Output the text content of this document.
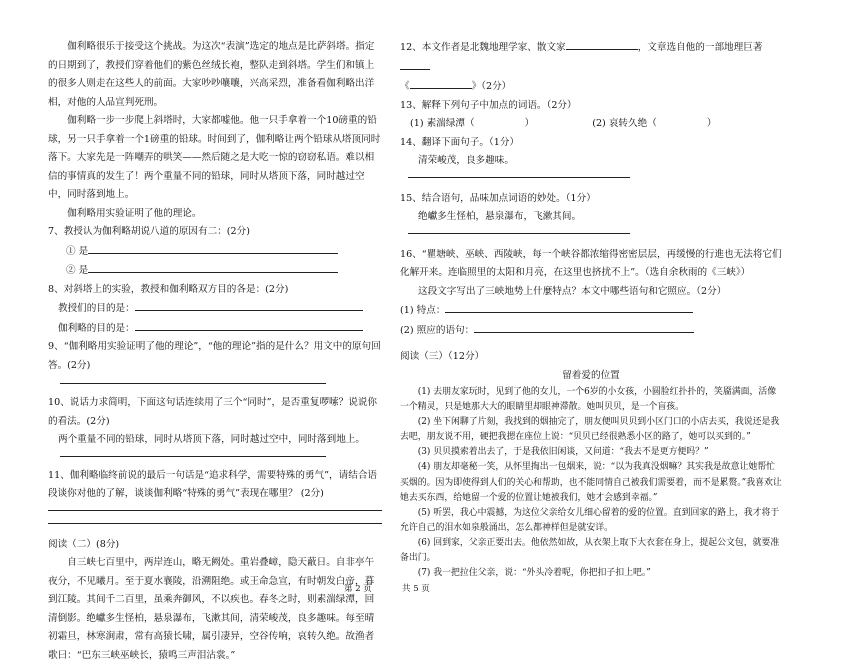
伽利略很乐于接受这个挑战。为这次“表演”选定的地点是比萨斜塔。指定的日期到了，教授们穿着他们的紫色丝绒长袍，整队走到斜塔。学生们和镇上的很多人则走在这些人的前面。大家吵吵嚷嚷，兴高采烈，准备看伽利略出洋相，对他的人品宣判死刑。

伽利略一步一步爬上斜塔时，大家都嘘他。他一只手拿着一个10磅重的铅球，另一只手拿着一个1磅重的铅球。时间到了，伽利略让两个铅球从塔顶同时落下。大家先是一阵嘲弄的哄笑——然后随之是大吃一惊的窃窃私语。难以相信的事情真的发生了！两个重量不同的铅球，同时从塔顶下落，同时越过空中，同时落到地上。

伽利略用实验证明了他的理论。

7、教授认为伽利略胡说八道的原因有二：(2分)

① 是

② 是

8、对斜塔上的实验，教授和伽利略双方目的各是：(2分)

教授们的目的是：

伽利略的目的是：

9、“伽利略用实验证明了他的理论”，“他的理论”指的是什么？用文中的原句回答。(2分)

10、说话力求简明，下面这句话连续用了三个“同时”，是否重复啰嗦？说说你的看法。(2分)

两个重量不同的铅球，同时从塔顶下落，同时越过空中，同时落到地上。

11、伽利略临终前说的最后一句话是“追求科学，需要特殊的勇气”，请结合语段谈你对他的了解，谈谈伽利略“特殊的勇气”表现在哪里？ (2分)

阅读（二）(8分)

自三峡七百里中，两岸连山，略无阙处。重岩叠嶂，隐天蔽日。自非亭午夜分，不见曦月。至于夏水襄陵，沿溯阻绝。或王命急宣，有时朝发白帝，暮到江陵。其间千二百里，虽乘奔御风，不以疾也。春冬之时，则素湍绿潭，回清倒影。绝巘多生怪柏，悬泉瀑布，飞漱其间，清荣峻茂，良多趣味。每至晴初霜旦，林寒涧肃，常有高猿长啸，属引凄异，空谷传响，哀转久绝。故渔者歌曰：“巴东三峡巫峡长，猿鸣三声泪沾裳。”

12、本文作者是北魏地理学家、散文家	，文章选自他的一部地理巨著

《	》（2分）

13、解释下列句子中加点的词语。（2分）

(1) 素湍绿潭（	）	(2) 哀转久绝（	）

14、翻译下面句子。（1分）

清荣峻茂，良多趣味。

15、结合语句，品味加点词语的妙处。（1分）

绝巘多生怪柏，悬泉瀑布，飞漱其间。

16、“瞿塘峡、巫峡、西陵峡，每一个峡谷都浓缩得密密层层，再缓慢的行進也无法将它们化解开来。连临照里的太阳和月亮，在这里也挤扰不上”。（选自余秋雨的《三峡》）

这段文字写出了三峡地势上什麼特点？本文中哪些语句和它照应。（2分）

(1) 特点：

(2) 照应的语句：

阅读（三）（12分）

留着爱的位置

(1) 去朋友家玩时，见到了他的女儿，一个6岁的小女孩，小圆脸红扑扑的，笑靥满面，活像一个精灵，只是她那大大的眼睛里却眼神滞散。她叫贝贝，是一个盲孩。

(2) 坐下闲聊了片刻，我找到的烟抽完了，朋友便叫贝贝到小区门口的小店去买，我说还是我去吧，朋友说不用，硬把我摁在座位上说：“贝贝已经很熟悉小区的路了，她可以买到的。”

(3) 贝贝摸索着出去了，于是我依旧闲谈，又问道：“我去不是更方便吗？”

(4) 朋友却毫秘一笑，从怀里掏出一包烟来，说：“以为我真没烟嘛？其实我是故意让她帮忙买烟的。因为即使得到人们的关心和帮助，也不能同情自己被我们需要着，而不是累赘。”我喜欢让她去买东西，给她留一个爱的位置让她被我们，她才会感到幸福。”

(5) 听罢，我心中震撼，为这位父亲给女儿细心留着的爱的位置。直到回家的路上，我才将于允许自己的泪水如泉般涌出，怎么都神样但是就安详。

(6) 回到家，父亲正要出去。他依然如故，从衣架上取下大衣套在身上，提起公文包，就要准备出门。

(7) 我一把拉住父亲，说：“外头冷着呢，你把扣子扣上吧。”

第 2 页	共 5 页
